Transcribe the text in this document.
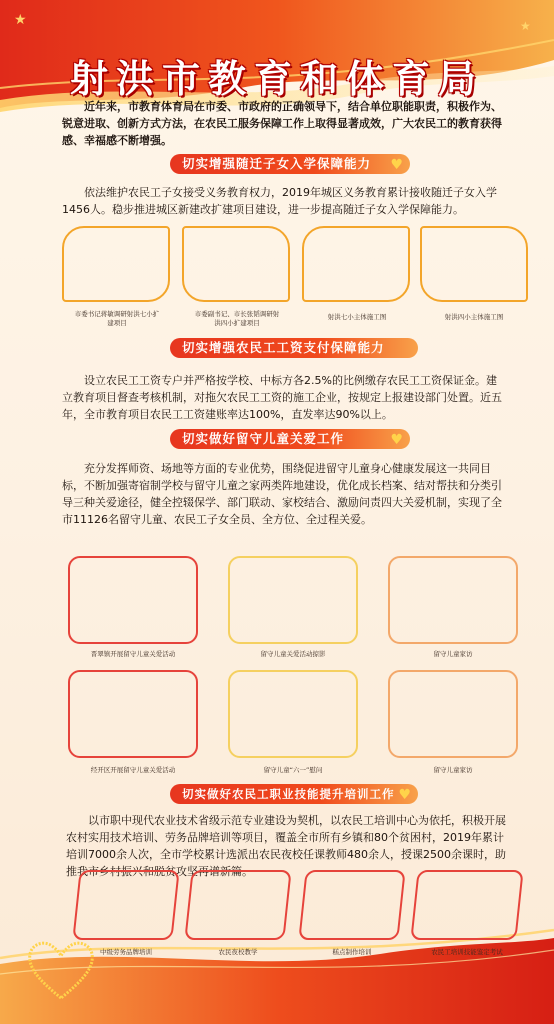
★	★
射洪市教育和体育局

近年来，市教育体育局在市委、市政府的正确领导下，结合单位职能职责，积极作为、锐意进取、创新方式方法，在农民工服务保障工作上取得显著成效，广大农民工的教育获得感、幸福感不断增强。

切实增强随迁子女入学保障能力 ♥

依法维护农民工子女接受义务教育权力，2019年城区义务教育累计接收随迁子女入学1456人。稳步推进城区新建改扩建项目建设，进一步提高随迁子女入学保障能力。

市委书记蒋敏调研射洪七小扩建项目
市委副书记、市长张韬调研射洪四小扩建项目
射洪七小主体施工图	射洪四小主体施工图
切实增强农民工工资支付保障能力

设立农民工工资专户并严格按学校、中标方各2.5%的比例缴存农民工工资保证金。建立教育项目督查考核机制，对拖欠农民工工资的施工企业，按规定上报建设部门处置。近五年，全市教育项目农民工工资建账率达100%，直发率达90%以上。

切实做好留守儿童关爱工作	♥

充分发挥师资、场地等方面的专业优势，围绕促进留守儿童身心健康发展这一共同目标，不断加强寄宿制学校与留守儿童之家两类阵地建设，优化成长档案、结对帮扶和分类引导三种关爱途径，健全控辍保学、部门联动、家校结合、激励问责四大关爱机制，实现了全市11126名留守儿童、农民工子女全员、全方位、全过程关爱。

晋翠镇开展留守儿童关爱活动	留守儿童关爱活动掠影	留守儿童家访
经开区开展留守儿童关爱活动	留守儿童“六一”慰问	留守儿童家访
切实做好农民工职业技能提升培训工作 ♥

以市职中现代农业技术省级示范专业建设为契机，以农民工培训中心为依托，积极开展农村实用技术培训、劳务品牌培训等项目，覆盖全市所有乡镇和80个贫困村，2019年累计培训7000余人次，全市学校累计选派出农民夜校任课教师480余人，授课2500余课时，助推我市乡村振兴和脱贫攻坚再谱新篇。

中级劳务品牌培训	农民夜校教学	糕点制作培训	农民工培训技能鉴定考试
